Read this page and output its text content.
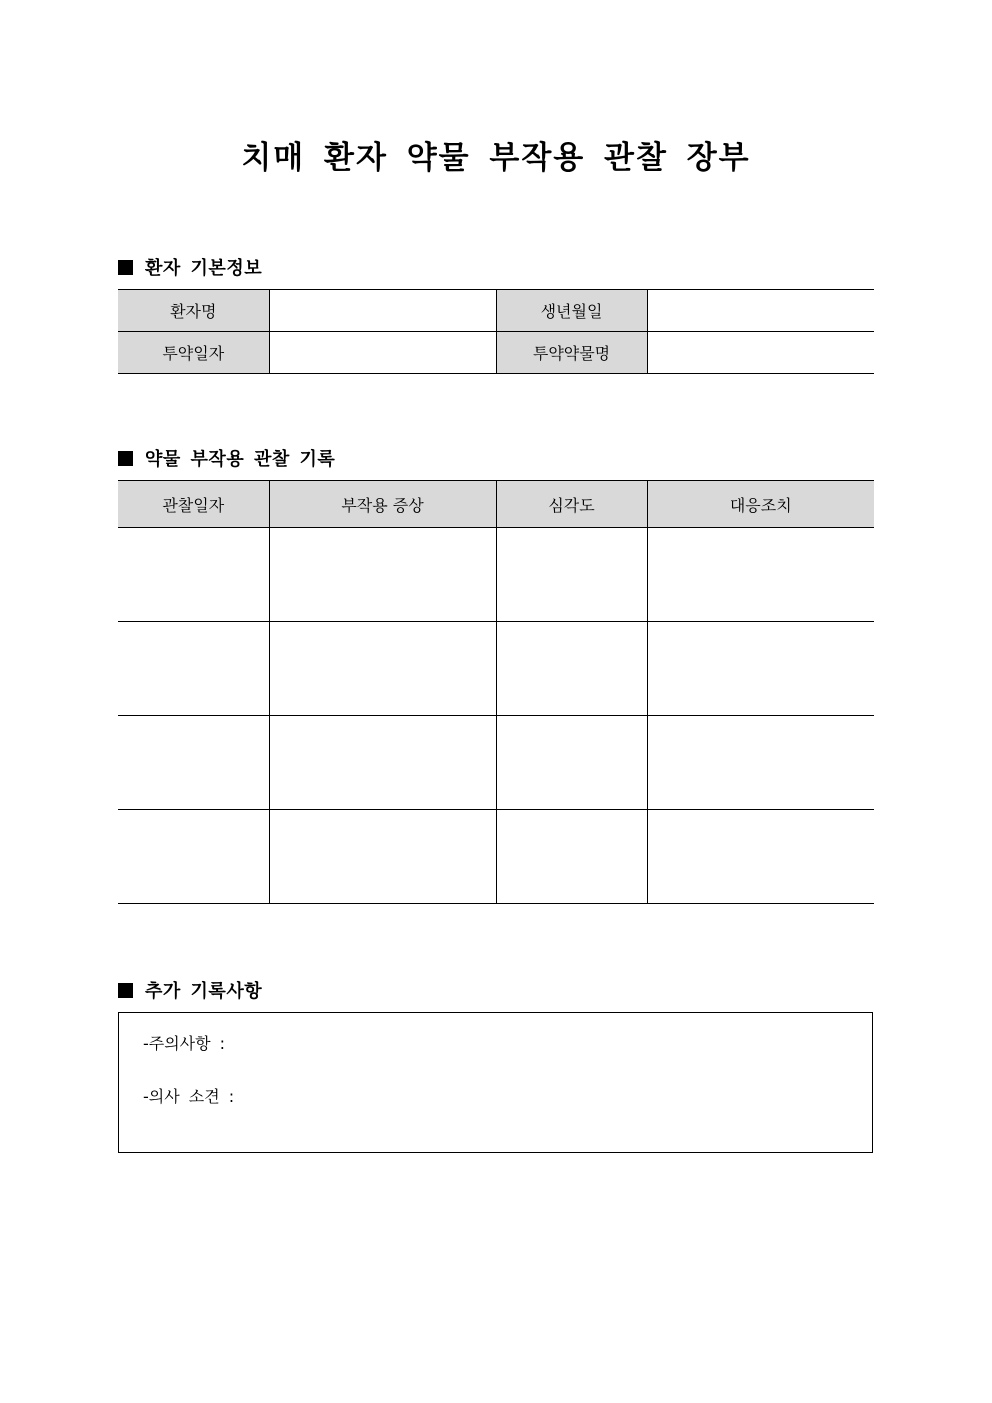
치매 환자 약물 부작용 관찰 장부
환자 기본정보
환자명		생년월일	
투약일자		투약약물명	
약물 부작용 관찰 기록
관찰일자	부작용 증상	심각도	대응조치

추가 기록사항

-주의사항 :

-의사 소견 :
